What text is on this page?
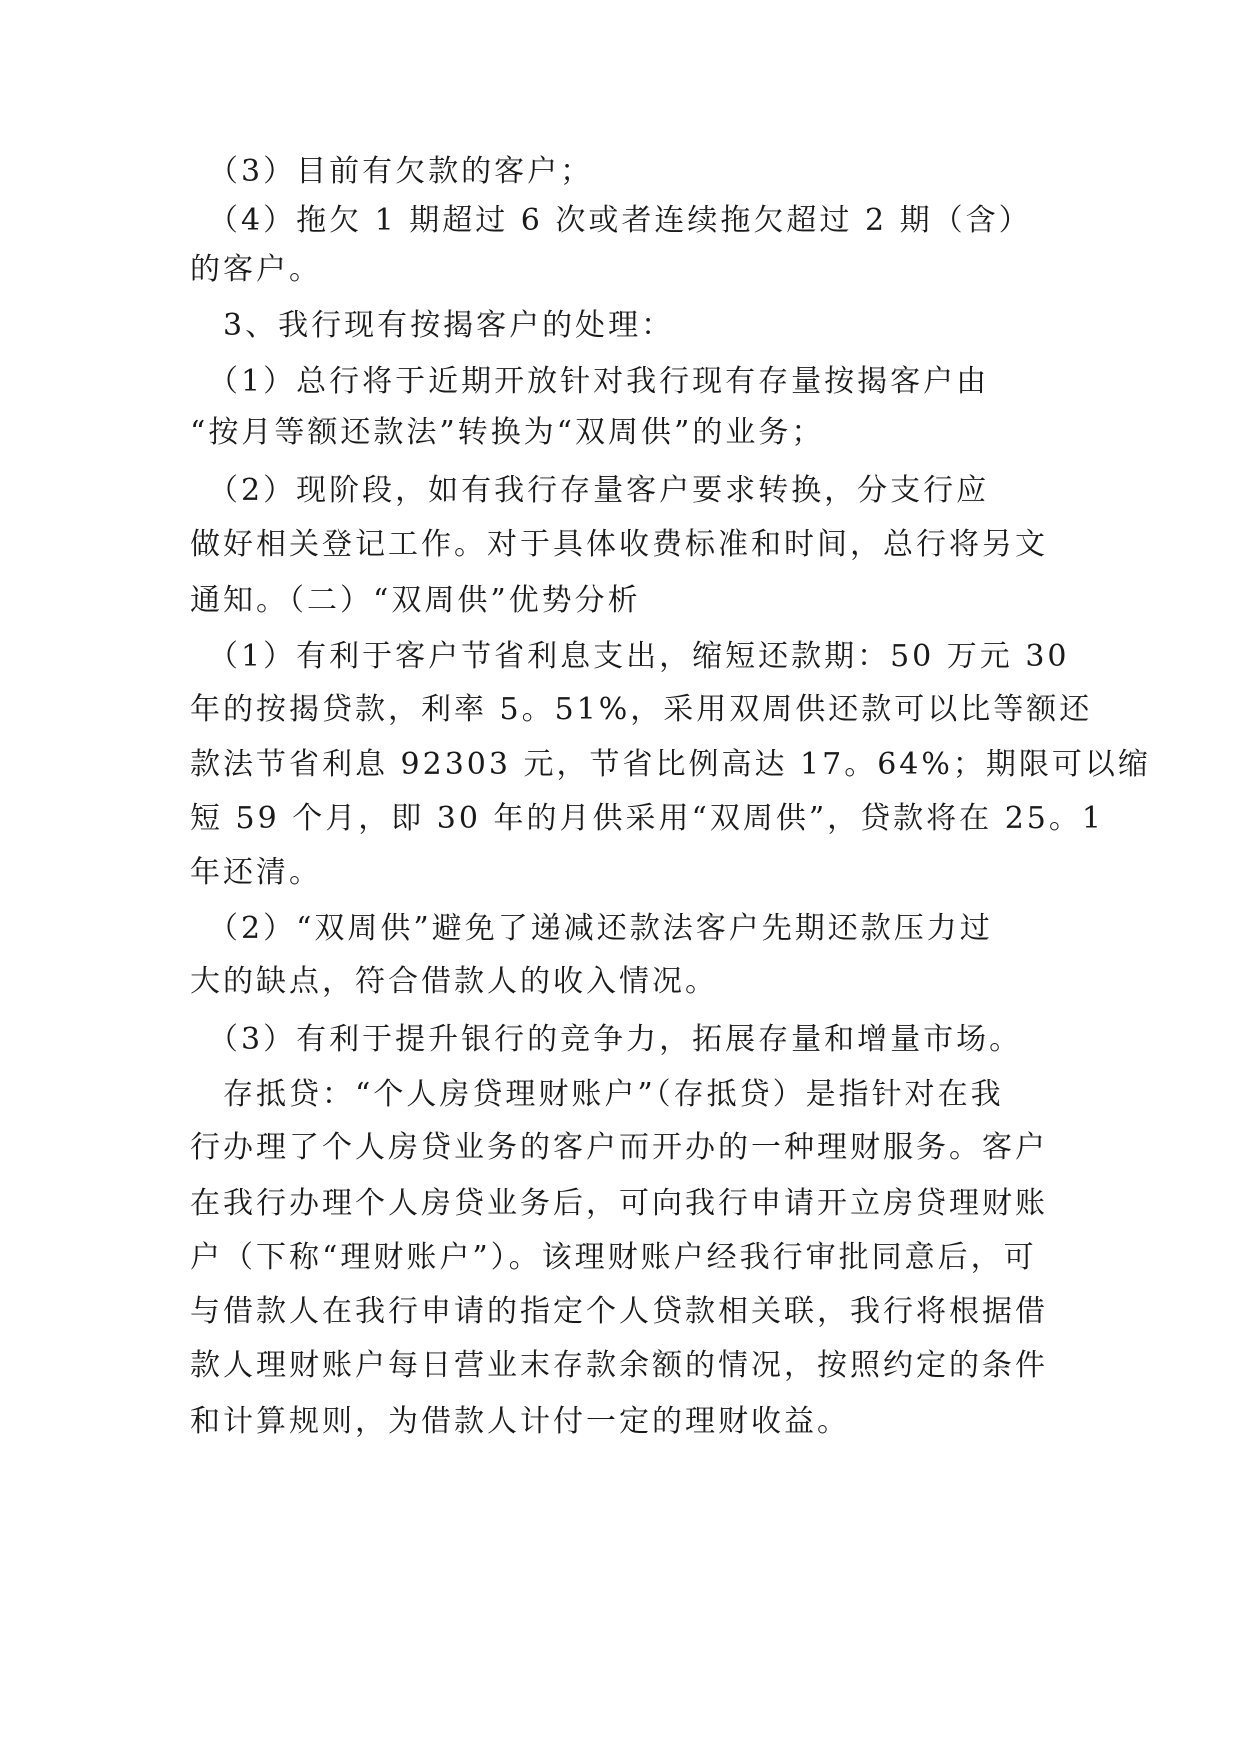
　（3）目前有欠款的客户；
　（4）拖欠 1 期超过 6 次或者连续拖欠超过 2 期（含）
的客户。
　3、我行现有按揭客户的处理：
　（1）总行将于近期开放针对我行现有存量按揭客户由
“按月等额还款法”转换为“双周供”的业务；
　（2）现阶段，如有我行存量客户要求转换，分支行应
做好相关登记工作。对于具体收费标准和时间，总行将另文
通知。（二）“双周供”优势分析
　（1）有利于客户节省利息支出，缩短还款期：50 万元 30
年的按揭贷款，利率 5。51%，采用双周供还款可以比等额还
款法节省利息 92303 元，节省比例高达 17。64%；期限可以缩
短 59 个月，即 30 年的月供采用“双周供”，贷款将在 25。1
年还清。
　（2）“双周供”避免了递减还款法客户先期还款压力过
大的缺点，符合借款人的收入情况。
　（3）有利于提升银行的竞争力，拓展存量和增量市场。
　存抵贷：“个人房贷理财账户”（存抵贷）是指针对在我
行办理了个人房贷业务的客户而开办的一种理财服务。客户
在我行办理个人房贷业务后，可向我行申请开立房贷理财账
户（下称“理财账户”）。该理财账户经我行审批同意后，可
与借款人在我行申请的指定个人贷款相关联，我行将根据借
款人理财账户每日营业末存款余额的情况，按照约定的条件
和计算规则，为借款人计付一定的理财收益。
